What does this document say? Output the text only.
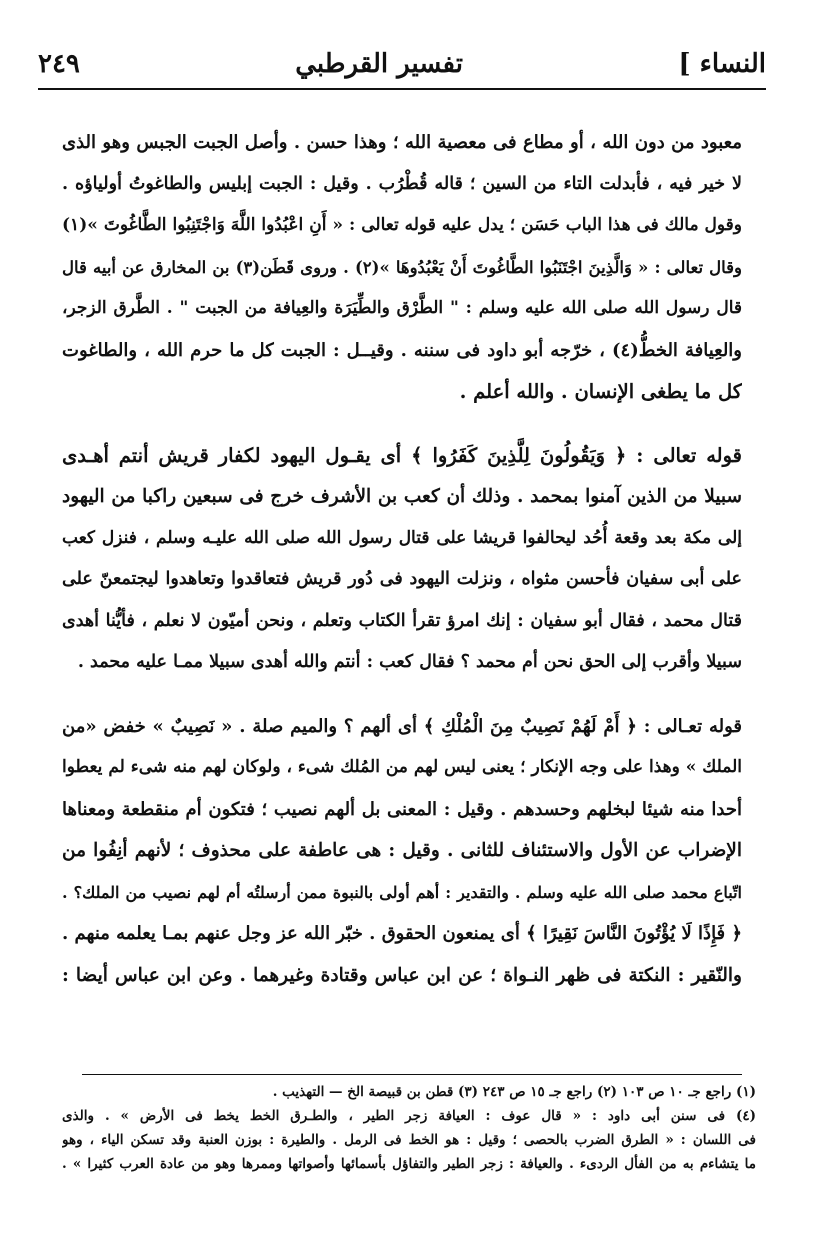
النساء ]
تفسير القرطبي
٢٤٩

معبود من دون الله ، أو مطاع فى معصية الله ؛ وهذا حسن . وأصل الجبت الجبس وهو الذى
لا خير فيه ، فأبدلت التاء من السين ؛ قاله قُطْرُب . وقيل : الجبت إبليس والطاغوتُ أولياؤه .
وقول مالك فى هذا الباب حَسَن ؛ يدل عليه قوله تعالى : « أَنِ اعْبُدُوا اللَّهَ وَاجْتَنِبُوا الطَّاغُوتَ »(١)
وقال تعالى : « وَالَّذِينَ اجْتَنَبُوا الطَّاغُوتَ أَنْ يَعْبُدُوهَا »(٢) . وروى قَطَن(٣) بن المخارق عن أبيه قال
قال رسول الله صلى الله عليه وسلم : " الطَّرْق والطِّيَرَة والعِيافة من الجبت " . الطَّرق الزجر،
والعِيافة الخطُّ(٤) ، خرّجه أبو داود فى سننه . وقيــل : الجبت كل ما حرم الله ، والطاغوت
كل ما يطغى الإنسان . والله أعلم .

قوله تعالى : ﴿ وَيَقُولُونَ لِلَّذِينَ كَفَرُوا ﴾ أى يقـول اليهود لكفار قريش أنتم أهـدى
سبيلا من الذين آمنوا بمحمد . وذلك أن كعب بن الأشرف خرج فى سبعين راكبا من اليهود
إلى مكة بعد وقعة أُحُد ليحالفوا قريشا على قتال رسول الله صلى الله عليـه وسلم ، فنزل كعب
على أبى سفيان فأحسن مثواه ، ونزلت اليهود فى دُور قريش فتعاقدوا وتعاهدوا ليجتمعنّ على
قتال محمد ، فقال أبو سفيان : إنك امرؤ تقرأ الكتاب وتعلم ، ونحن أميّون لا نعلم ، فأيُّنا أهدى
سبيلا وأقرب إلى الحق نحن أم محمد ؟ فقال كعب : أنتم والله أهدى سبيلا ممـا عليه محمد .

قوله تعـالى : ﴿ أَمْ لَهُمْ نَصِيبٌ مِنَ الْمُلْكِ ﴾ أى ألهم ؟ والميم صلة . « نَصِيبٌ » خفض «من
الملك » وهذا على وجه الإنكار ؛ يعنى ليس لهم من المُلك شىء ، ولوكان لهم منه شىء لم يعطوا
أحدا منه شيئا لبخلهم وحسدهم . وقيل : المعنى بل ألهم نصيب ؛ فتكون أم منقطعة ومعناها
الإضراب عن الأول والاستئناف للثانى . وقيل : هى عاطفة على محذوف ؛ لأنهم أنِفُوا من
اتّباع محمد صلى الله عليه وسلم . والتقدير : أهم أولى بالنبوة ممن أرسلتُه أم لهم نصيب من الملك؟ .
﴿ فَإِذًا لَا يُؤْتُونَ النَّاسَ نَقِيرًا ﴾ أى يمنعون الحقوق . خبّر الله عز وجل عنهم بمـا يعلمه منهم .
والنّقير : النكتة فى ظهر النـواة ؛ عن ابن عباس وقتادة وغيرهما . وعن ابن عباس أيضا :

(١) راجع جـ ١٠ ص ١٠٣ (٢) راجع جـ ١٥ ص ٢٤٣ (٣) قطن بن قبيصة الخ — التهذيب .
(٤) فى سنن أبى داود : « قال عوف : العيافة زجر الطير ، والطـرق الخط يخط فى الأرض » . والذى
فى اللسان : « الطرق الضرب بالحصى ؛ وقيل : هو الخط فى الرمل . والطيرة : بوزن العنبة وقد تسكن الياء ، وهو
ما يتشاءم به من الفأل الردىء . والعيافة : زجر الطير والتفاؤل بأسمائها وأصواتها وممرها وهو من عادة العرب كثيرا » .
